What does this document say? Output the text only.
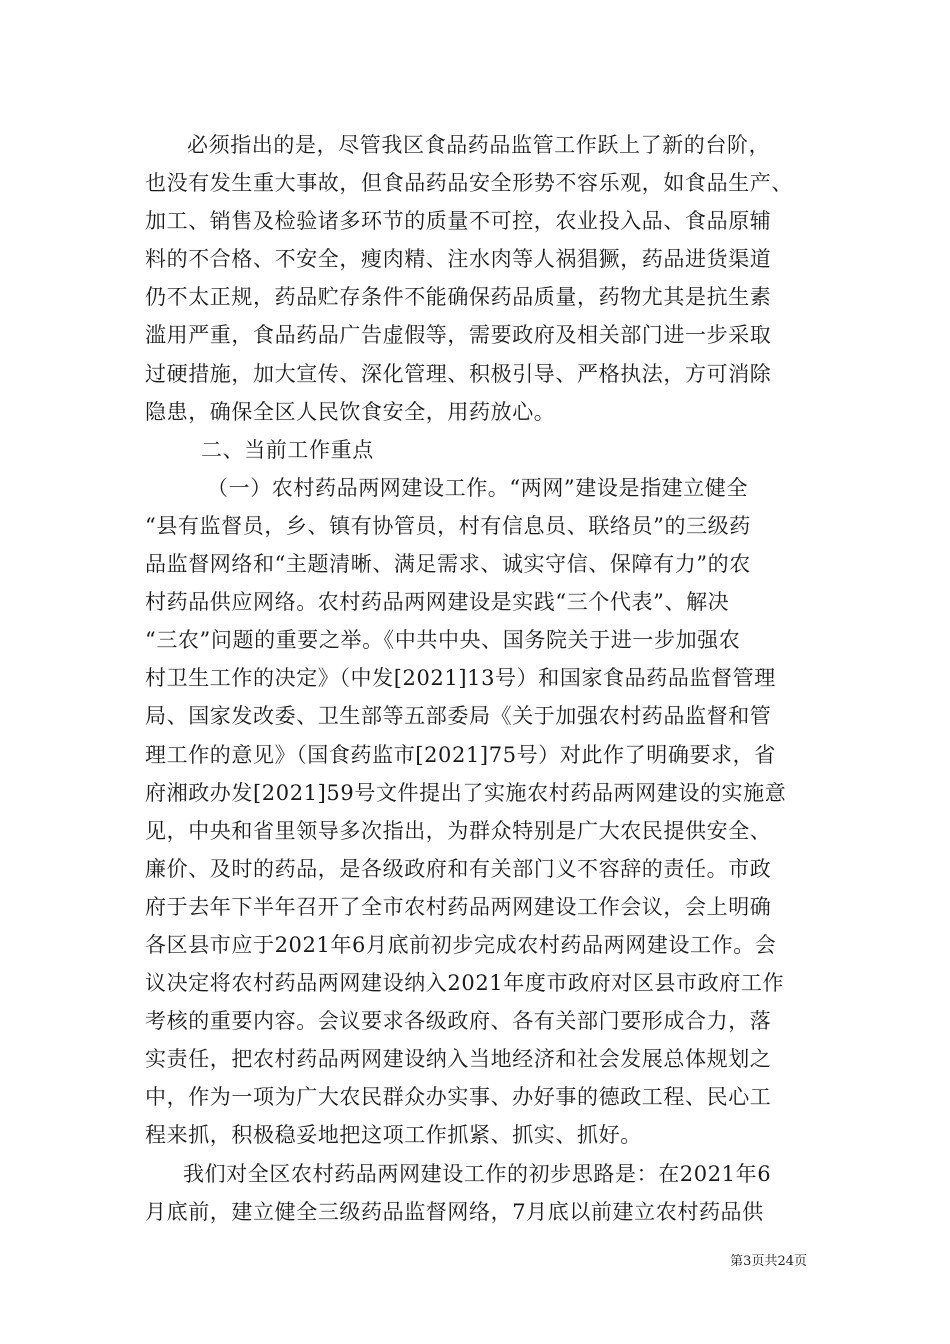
必须指出的是，尽管我区食品药品监管工作跃上了新的台阶，
也没有发生重大事故，但食品药品安全形势不容乐观，如食品生产、
加工、销售及检验诸多环节的质量不可控，农业投入品、食品原辅
料的不合格、不安全，瘦肉精、注水肉等人祸猖獗，药品进货渠道
仍不太正规，药品贮存条件不能确保药品质量，药物尤其是抗生素
滥用严重，食品药品广告虚假等，需要政府及相关部门进一步采取
过硬措施，加大宣传、深化管理、积极引导、严格执法，方可消除
隐患，确保全区人民饮食安全，用药放心。
二、当前工作重点
（一）农村药品两网建设工作。“两网”建设是指建立健全
“县有监督员，乡、镇有协管员，村有信息员、联络员”的三级药
品监督网络和“主题清晰、满足需求、诚实守信、保障有力”的农
村药品供应网络。农村药品两网建设是实践“三个代表”、解决
“三农”问题的重要之举。《中共中央、国务院关于进一步加强农
村卫生工作的决定》（中发[2021]13号）和国家食品药品监督管理
局、国家发改委、卫生部等五部委局《关于加强农村药品监督和管
理工作的意见》（国食药监市[2021]75号）对此作了明确要求，省
府湘政办发[2021]59号文件提出了实施农村药品两网建设的实施意
见，中央和省里领导多次指出，为群众特别是广大农民提供安全、
廉价、及时的药品，是各级政府和有关部门义不容辞的责任。市政
府于去年下半年召开了全市农村药品两网建设工作会议，会上明确
各区县市应于2021年6月底前初步完成农村药品两网建设工作。会
议决定将农村药品两网建设纳入2021年度市政府对区县市政府工作
考核的重要内容。会议要求各级政府、各有关部门要形成合力，落
实责任，把农村药品两网建设纳入当地经济和社会发展总体规划之
中，作为一项为广大农民群众办实事、办好事的德政工程、民心工
程来抓，积极稳妥地把这项工作抓紧、抓实、抓好。
我们对全区农村药品两网建设工作的初步思路是：在2021年6
月底前，建立健全三级药品监督网络，7月底以前建立农村药品供
第3页共24页
